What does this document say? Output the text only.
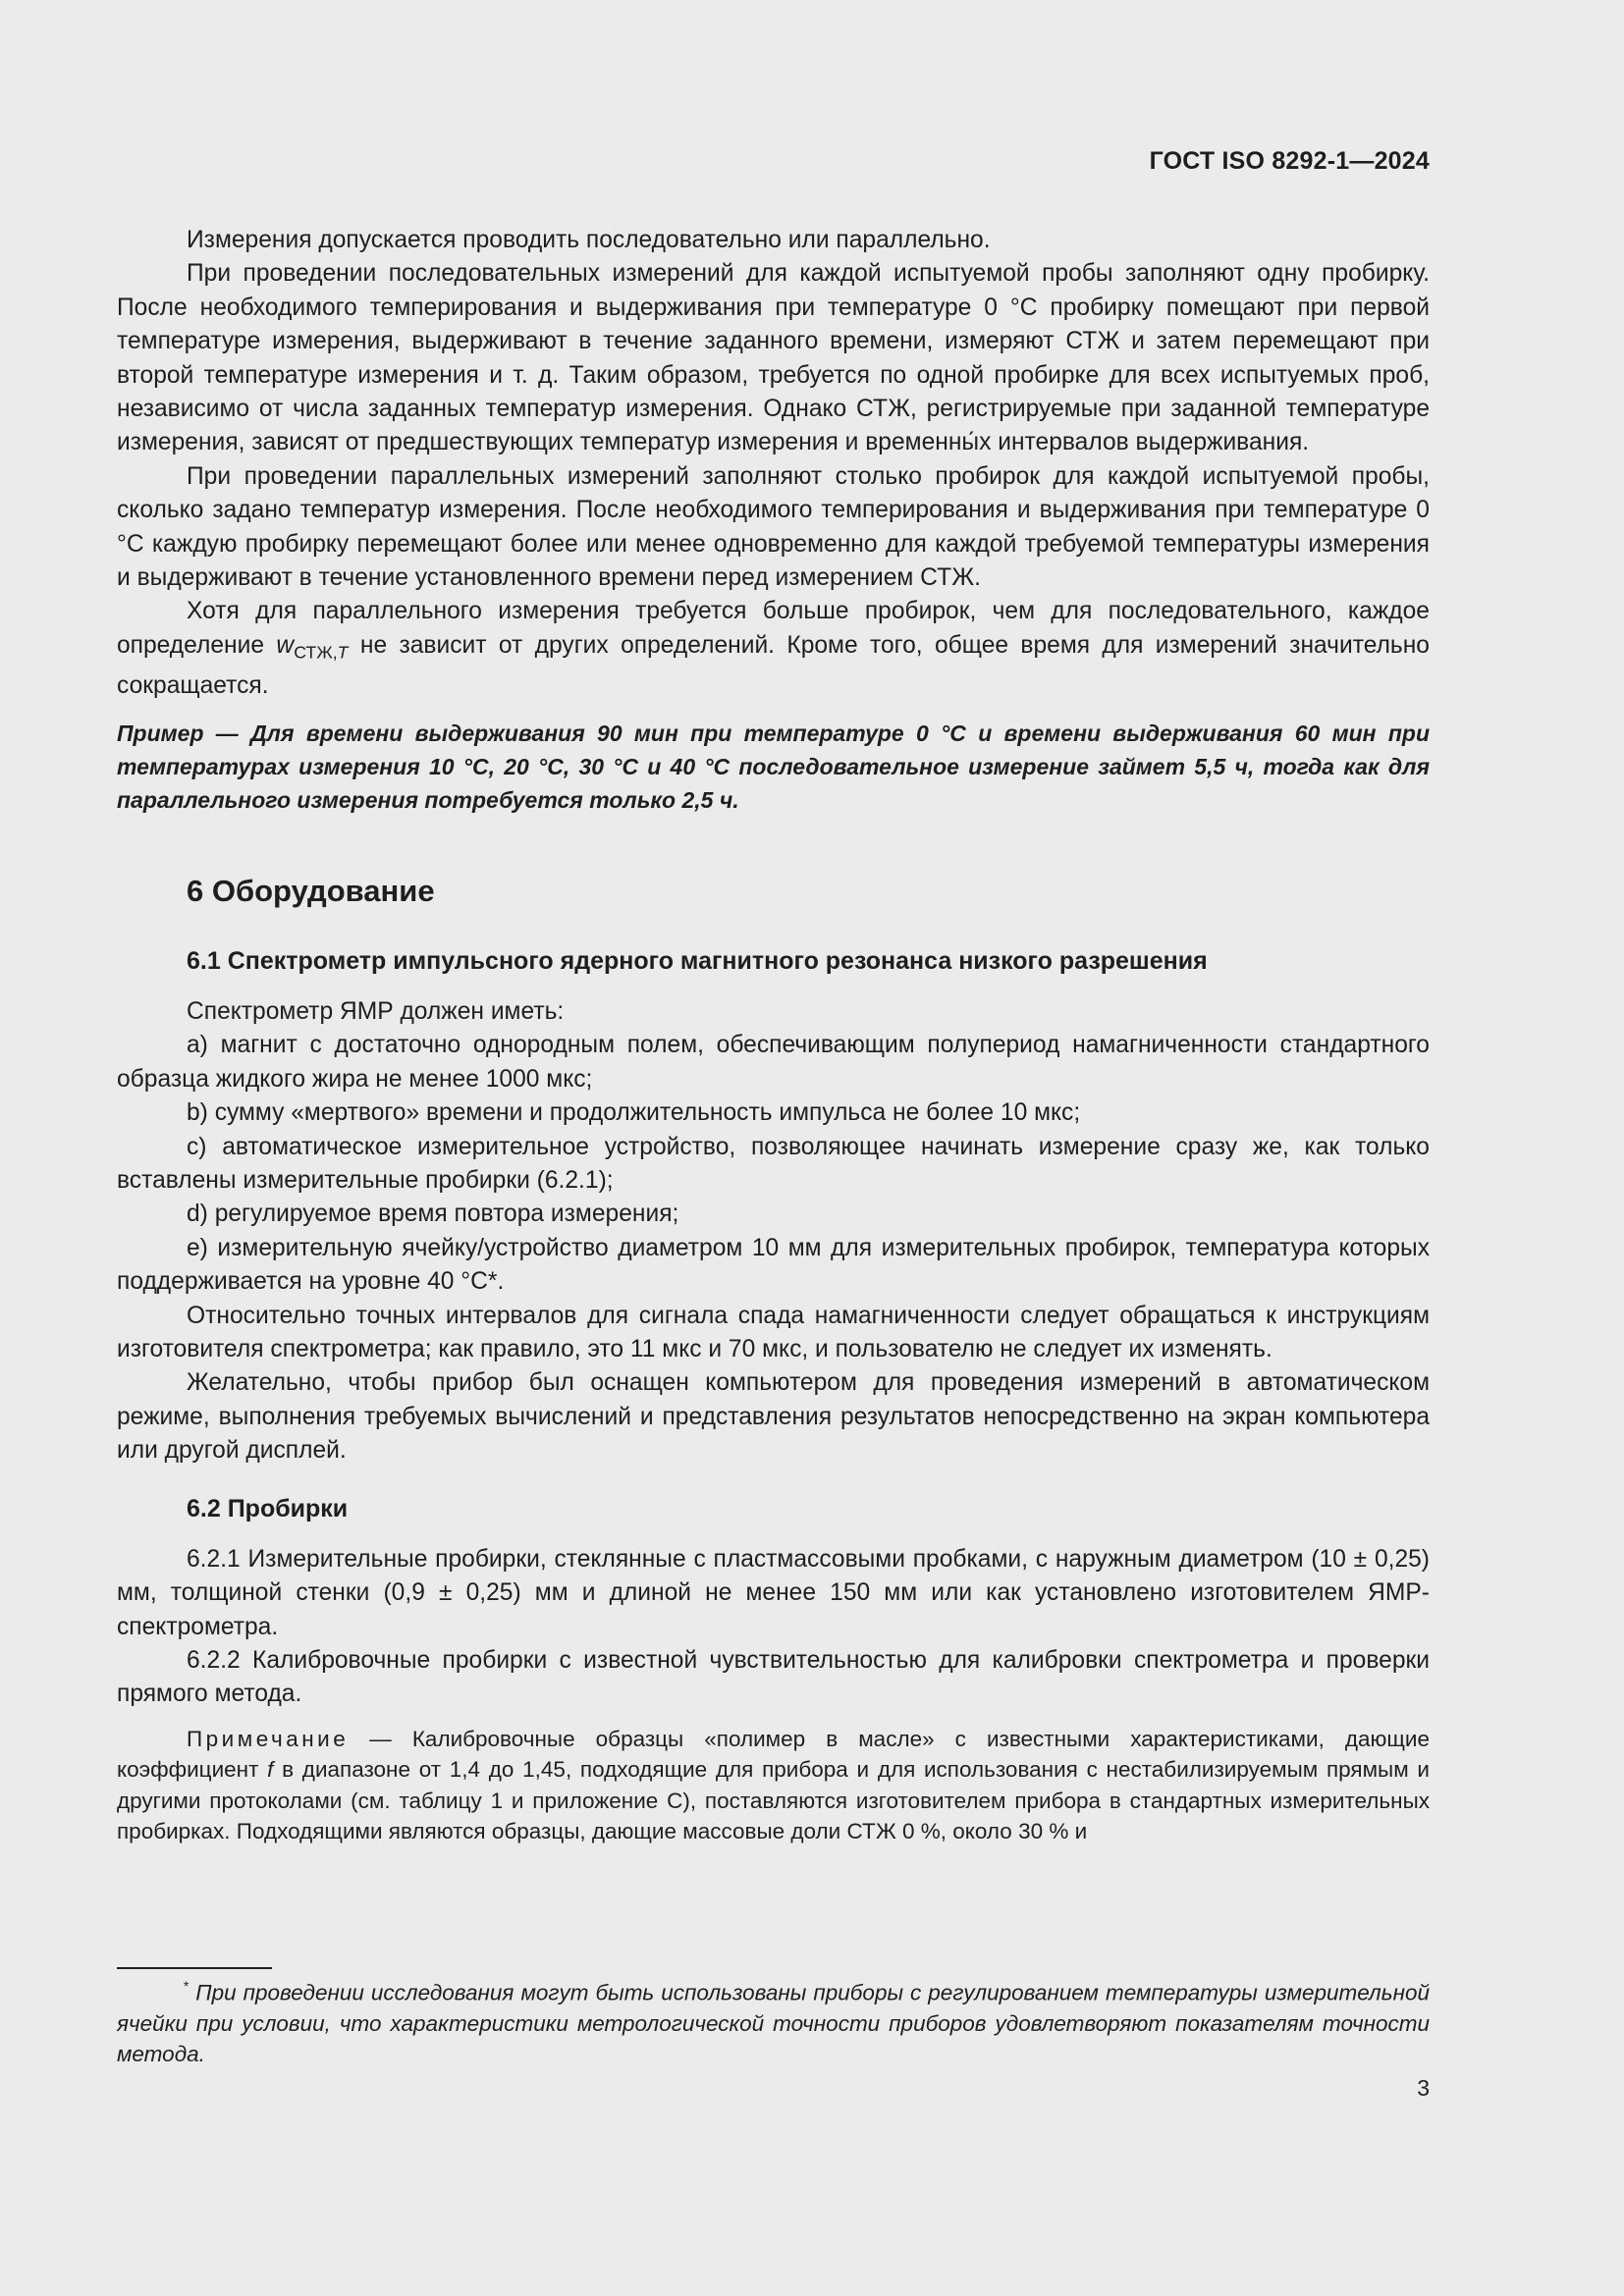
ГОСТ ISO 8292-1—2024

Измерения допускается проводить последовательно или параллельно.

При проведении последовательных измерений для каждой испытуемой пробы заполняют одну пробирку. После необходимого темперирования и выдерживания при температуре 0 °С пробирку помещают при первой температуре измерения, выдерживают в течение заданного времени, измеряют СТЖ и затем перемещают при второй температуре измерения и т. д. Таким образом, требуется по одной пробирке для всех испытуемых проб, независимо от числа заданных температур измерения. Однако СТЖ, регистрируемые при заданной температуре измерения, зависят от предшествующих температур измерения и временны́х интервалов выдерживания.

При проведении параллельных измерений заполняют столько пробирок для каждой испытуемой пробы, сколько задано температур измерения. После необходимого темперирования и выдерживания при температуре 0 °С каждую пробирку перемещают более или менее одновременно для каждой требуемой температуры измерения и выдерживают в течение установленного времени перед измерением СТЖ.

Хотя для параллельного измерения требуется больше пробирок, чем для последовательного, каждое определение $w_{СТЖ,T}$ не зависит от других определений. Кроме того, общее время для измерений значительно сокращается.

Пример — Для времени выдерживания 90 мин при температуре 0 °С и времени выдерживания 60 мин при температурах измерения 10 °С, 20 °С, 30 °С и 40 °С последовательное измерение займет 5,5 ч, тогда как для параллельного измерения потребуется только 2,5 ч.

6 Оборудование
6.1 Спектрометр импульсного ядерного магнитного резонанса низкого разрешения

Спектрометр ЯМР должен иметь:

a) магнит с достаточно однородным полем, обеспечивающим полупериод намагниченности стандартного образца жидкого жира не менее 1000 мкс;

b) сумму «мертвого» времени и продолжительность импульса не более 10 мкс;

c) автоматическое измерительное устройство, позволяющее начинать измерение сразу же, как только вставлены измерительные пробирки (6.2.1);

d) регулируемое время повтора измерения;

e) измерительную ячейку/устройство диаметром 10 мм для измерительных пробирок, температура которых поддерживается на уровне 40 °С*.

Относительно точных интервалов для сигнала спада намагниченности следует обращаться к инструкциям изготовителя спектрометра; как правило, это 11 мкс и 70 мкс, и пользователю не следует их изменять.

Желательно, чтобы прибор был оснащен компьютером для проведения измерений в автоматическом режиме, выполнения требуемых вычислений и представления результатов непосредственно на экран компьютера или другой дисплей.

6.2 Пробирки

6.2.1 Измерительные пробирки, стеклянные с пластмассовыми пробками, с наружным диаметром (10 ± 0,25) мм, толщиной стенки (0,9 ± 0,25) мм и длиной не менее 150 мм или как установлено изготовителем ЯМР-спектрометра.

6.2.2 Калибровочные пробирки с известной чувствительностью для калибровки спектрометра и проверки прямого метода.

Примечание — Калибровочные образцы «полимер в масле» с известными характеристиками, дающие коэффициент f в диапазоне от 1,4 до 1,45, подходящие для прибора и для использования с нестабилизируемым прямым и другими протоколами (см. таблицу 1 и приложение С), поставляются изготовителем прибора в стандартных измерительных пробирках. Подходящими являются образцы, дающие массовые доли СТЖ 0 %, около 30 % и

* При проведении исследования могут быть использованы приборы с регулированием температуры измерительной ячейки при условии, что характеристики метрологической точности приборов удовлетворяют показателям точности метода.
3
